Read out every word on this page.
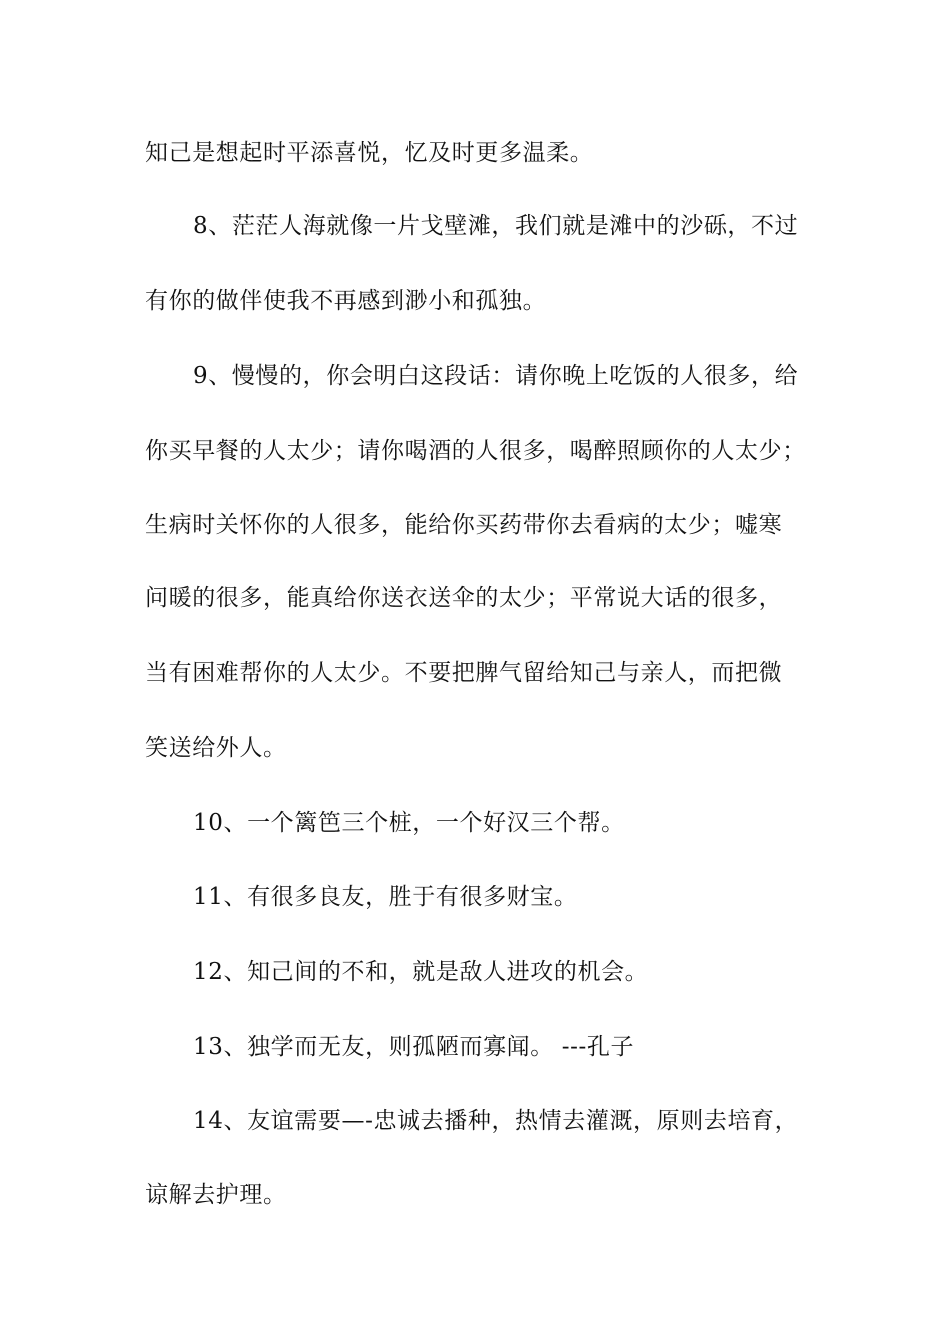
知己是想起时平添喜悦，忆及时更多温柔。
8、茫茫人海就像一片戈壁滩，我们就是滩中的沙砾，不过
有你的做伴使我不再感到渺小和孤独。
9、慢慢的，你会明白这段话：请你晚上吃饭的人很多，给
你买早餐的人太少；请你喝酒的人很多，喝醉照顾你的人太少；
生病时关怀你的人很多，能给你买药带你去看病的太少；嘘寒
问暖的很多，能真给你送衣送伞的太少；平常说大话的很多，
当有困难帮你的人太少。不要把脾气留给知己与亲人，而把微
笑送给外人。
10、一个篱笆三个桩，一个好汉三个帮。
11、有很多良友，胜于有很多财宝。
12、知己间的不和，就是敌人进攻的机会。
13、独学而无友，则孤陋而寡闻。 ---孔子
14、友谊需要—-忠诚去播种，热情去灌溉，原则去培育，
谅解去护理。
